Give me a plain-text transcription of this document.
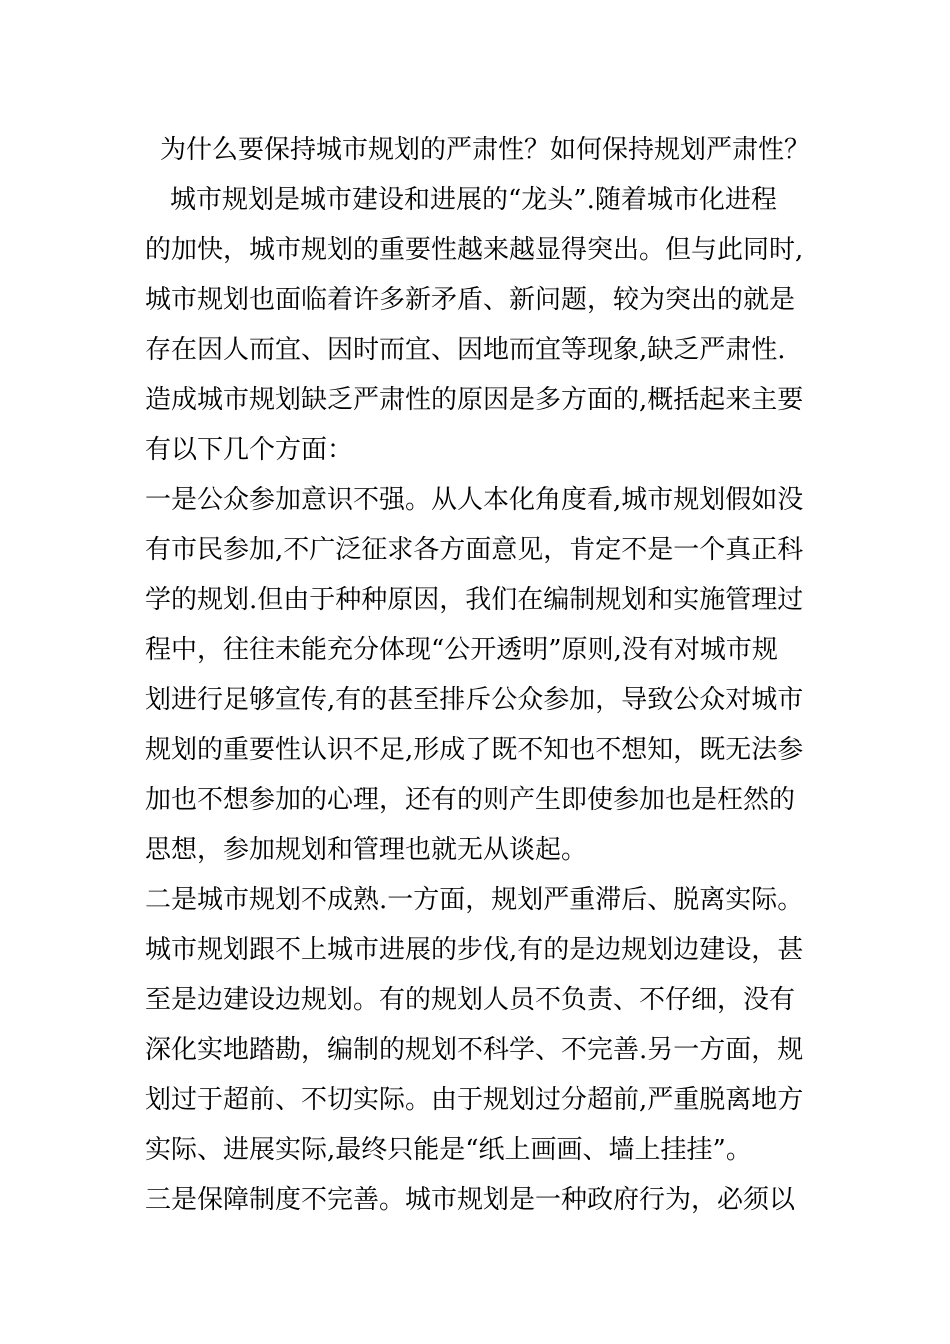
为什么要保持城市规划的严肃性？如何保持规划严肃性？
城市规划是城市建设和进展的“龙头”.随着城市化进程
的加快，城市规划的重要性越来越显得突出。但与此同时,
城市规划也面临着许多新矛盾、新问题，较为突出的就是
存在因人而宜、因时而宜、因地而宜等现象,缺乏严肃性.
造成城市规划缺乏严肃性的原因是多方面的,概括起来主要
有以下几个方面：
一是公众参加意识不强。从人本化角度看,城市规划假如没
有市民参加,不广泛征求各方面意见，肯定不是一个真正科
学的规划.但由于种种原因，我们在编制规划和实施管理过
程中，往往未能充分体现“公开透明”原则,没有对城市规
划进行足够宣传,有的甚至排斥公众参加，导致公众对城市
规划的重要性认识不足,形成了既不知也不想知，既无法参
加也不想参加的心理，还有的则产生即使参加也是枉然的
思想，参加规划和管理也就无从谈起。
二是城市规划不成熟.一方面，规划严重滞后、脱离实际。
城市规划跟不上城市进展的步伐,有的是边规划边建设，甚
至是边建设边规划。有的规划人员不负责、不仔细，没有
深化实地踏勘，编制的规划不科学、不完善.另一方面，规
划过于超前、不切实际。由于规划过分超前,严重脱离地方
实际、进展实际,最终只能是“纸上画画、墙上挂挂”。
三是保障制度不完善。城市规划是一种政府行为，必须以
